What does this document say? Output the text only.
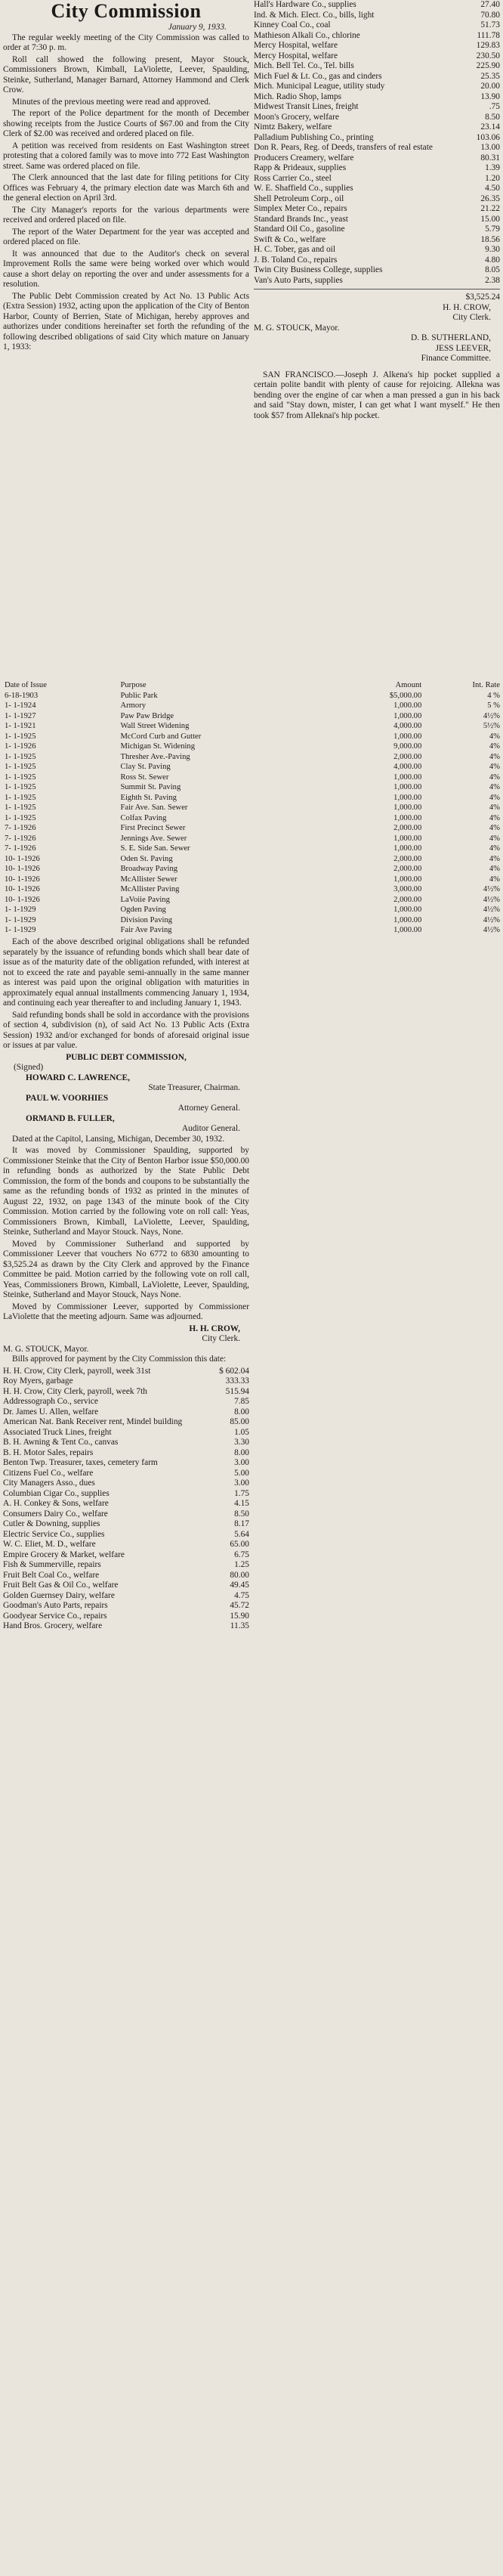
City Commission
January 9, 1933.

The regular weekly meeting of the City Commission was called to order at 7:30 p. m.

Roll call showed the following present, Mayor Stouck, Commissioners Brown, Kimball, LaViolette, Leever, Spaulding, Steinke, Sutherland, Manager Barnard, Attorney Hammond and Clerk Crow.

Minutes of the previous meeting were read and approved.

The report of the Police department for the month of December showing receipts from the Justice Courts of $67.00 and from the City Clerk of $2.00 was received and ordered placed on file.

A petition was received from residents on East Washington street protesting that a colored family was to move into 772 East Washington street. Same was ordered placed on file.

The Clerk announced that the last date for filing petitions for City Offices was February 4, the primary election date was March 6th and the general election on April 3rd.

The City Manager's reports for the various departments were received and ordered placed on file.

The report of the Water Department for the year was accepted and ordered placed on file.

It was announced that due to the Auditor's check on several Improvement Rolls the same were being worked over which would cause a short delay on reporting the over and under assessments for a resolution.

The Public Debt Commission created by Act No. 13 Public Acts (Extra Session) 1932, acting upon the application of the City of Benton Harbor, County of Berrien, State of Michigan, hereby approves and authorizes under conditions hereinafter set forth the refunding of the following described obligations of said City which mature on January 1, 1933:

Hall's Hardware Co., supplies	27.40
Ind. & Mich. Elect. Co., bills, light	70.80
Kinney Coal Co., coal	51.73
Mathieson Alkali Co., chlorine	111.78
Mercy Hospital, welfare	129.83
Mercy Hospital, welfare	230.50
Mich. Bell Tel. Co., Tel. bills	225.90
Mich Fuel & Lt. Co., gas and cinders	25.35
Mich. Municipal League, utility study	20.00
Mich. Radio Shop, lamps	13.90
Midwest Transit Lines, freight	.75
Moon's Grocery, welfare	8.50
Nimtz Bakery, welfare	23.14
Palladium Publishing Co., printing	103.06
Don R. Pears, Reg. of Deeds, transfers of real estate	13.00
Producers Creamery, welfare	80.31
Rapp & Prideaux, supplies	1.39
Ross Carrier Co., steel	1.20
W. E. Shaffield Co., supplies	4.50
Shell Petroleum Corp., oil	26.35
Simplex Meter Co., repairs	21.22
Standard Brands Inc., yeast	15.00
Standard Oil Co., gasoline	5.79
Swift & Co., welfare	18.56
H. C. Tober, gas and oil	9.30
J. B. Toland Co., repairs	4.80
Twin City Business College, supplies	8.05
Van's Auto Parts, supplies	2.38
$3,525.24
H. H. CROW,
City Clerk.
M. G. STOUCK, Mayor.
D. B. SUTHERLAND,
JESS LEEVER,
Finance Committee.

SAN FRANCISCO.—Joseph J. Alkena's hip pocket supplied a certain polite bandit with plenty of cause for rejoicing. Allekna was bending over the engine of car when a man pressed a gun in his back and said "Stay down, mister, I can get what I want myself." He then took $57 from Alleknai's hip pocket.

Date of Issue	Purpose	Amount	Int. Rate
6-18-1903	Public Park	$5,000.00	4 %
1- 1-1924	Armory	1,000.00	5 %
1- 1-1927	Paw Paw Bridge	1,000.00	4½%
1- 1-1921	Wall Street Widening	4,000.00	5½%
1- 1-1925	McCord Curb and Gutter	1,000.00	4%
1- 1-1926	Michigan St. Widening	9,000.00	4%
1- 1-1925	Thresher Ave.-Paving	2,000.00	4%
1- 1-1925	Clay St. Paving	4,000.00	4%
1- 1-1925	Ross St. Sewer	1,000.00	4%
1- 1-1925	Summit St. Paving	1,000.00	4%
1- 1-1925	Eighth St. Paving	1,000.00	4%
1- 1-1925	Fair Ave. San. Sewer	1,000.00	4%
1- 1-1925	Colfax Paving	1,000.00	4%
7- 1-1926	First Precinct Sewer	2,000.00	4%
7- 1-1926	Jennings Ave. Sewer	1,000.00	4%
7- 1-1926	S. E. Side San. Sewer	1,000.00	4%
10- 1-1926	Oden St. Paving	2,000.00	4%
10- 1-1926	Broadway Paving	2,000.00	4%
10- 1-1926	McAllister Sewer	1,000.00	4%
10- 1-1926	McAllister Paving	3,000.00	4½%
10- 1-1926	LaVoiie Paving	2,000.00	4½%
1- 1-1929	Ogden Paving	1,000.00	4½%
1- 1-1929	Division Paving	1,000.00	4½%
1- 1-1929	Fair Ave Paving	1,000.00	4½%

Each of the above described original obligations shall be refunded separately by the issuance of refunding bonds which shall bear date of issue as of the maturity date of the obligation refunded, with interest at not to exceed the rate and payable semi-annually in the same manner as interest was paid upon the original obligation with maturities in approximately equal annual installments commencing January 1, 1934, and continuing each year thereafter to and including January 1, 1943.

Said refunding bonds shall be sold in accordance with the provisions of section 4, subdivision (n), of said Act No. 13 Public Acts (Extra Session) 1932 and/or exchanged for bonds of aforesaid original issue or issues at par value.

PUBLIC DEBT COMMISSION,
(Signed)
HOWARD C. LAWRENCE,
State Treasurer, Chairman.
PAUL W. VOORHIES
Attorney General.
ORMAND B. FULLER,
Auditor General.

Dated at the Capitol, Lansing, Michigan, December 30, 1932.

It was moved by Commissioner Spaulding, supported by Commissioner Steinke that the City of Benton Harbor issue $50,000.00 in refunding bonds as authorized by the State Public Debt Commission, the form of the bonds and coupons to be substantially the same as the refunding bonds of 1932 as printed in the minutes of August 22, 1932, on page 1343 of the minute book of the City Commission. Motion carried by the following vote on roll call: Yeas, Commissioners Brown, Kimball, LaViolette, Leever, Spaulding, Steinke, Sutherland and Mayor Stouck. Nays, None.

Moved by Commissioner Sutherland and supported by Commissioner Leever that vouchers No 6772 to 6830 amounting to $3,525.24 as drawn by the City Clerk and approved by the Finance Committee be paid. Motion carried by the following vote on roll call, Yeas, Commissioners Brown, Kimball, LaViolette, Leever, Spaulding, Steinke, Sutherland and Mayor Stouck, Nays None.

Moved by Commissioner Leever, supported by Commissioner LaViolette that the meeting adjourn. Same was adjourned.

H. H. CROW,
City Clerk.
M. G. STOUCK, Mayor.

Bills approved for payment by the City Commission this date:

H. H. Crow, City Clerk, payroll, week 31st	$ 602.04
Roy Myers, garbage	333.33
H. H. Crow, City Clerk, payroll, week 7th	515.94
Addressograph Co., service	7.85
Dr. James U. Allen, welfare	8.00
American Nat. Bank Receiver rent, Mindel building	85.00
Associated Truck Lines, freight	1.05
B. H. Awning & Tent Co., canvas	3.30
B. H. Motor Sales, repairs	8.00
Benton Twp. Treasurer, taxes, cemetery farm	3.00
Citizens Fuel Co., welfare	5.00
City Managers Asso., dues	3.00
Columbian Cigar Co., supplies	1.75
A. H. Conkey & Sons, welfare	4.15
Consumers Dairy Co., welfare	8.50
Cutler & Downing, supplies	8.17
Electric Service Co., supplies	5.64
W. C. Eliet, M. D., welfare	65.00
Empire Grocery & Market, welfare	6.75
Fish & Summerville, repairs	1.25
Fruit Belt Coal Co., welfare	80.00
Fruit Belt Gas & Oil Co., welfare	49.45
Golden Guernsey Dairy, welfare	4.75
Goodman's Auto Parts, repairs	45.72
Goodyear Service Co., repairs	15.90
Hand Bros. Grocery, welfare	11.35
